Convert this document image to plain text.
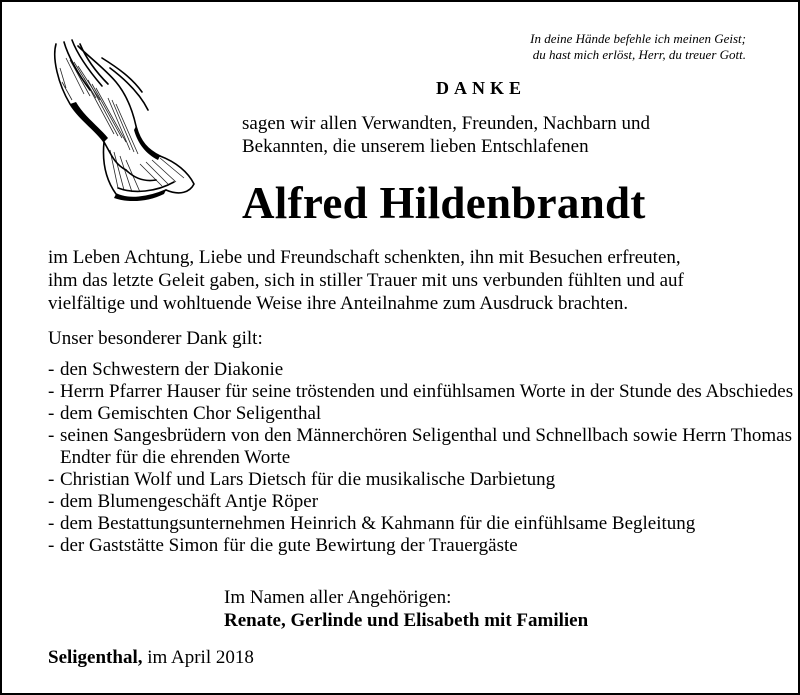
In deine Hände befehle ich meinen Geist;
du hast mich erlöst, Herr, du treuer Gott.
DANKE
sagen wir allen Verwandten, Freunden, Nachbarn und
Bekannten, die unserem lieben Entschlafenen
Alfred Hildenbrandt
im Leben Achtung, Liebe und Freundschaft schenkten, ihn mit Besuchen erfreuten,
ihm das letzte Geleit gaben, sich in stiller Trauer mit uns verbunden fühlten und auf
vielfältige und wohltuende Weise ihre Anteilnahme zum Ausdruck brachten.
Unser besonderer Dank gilt:
- den Schwestern der Diakonie
- Herrn Pfarrer Hauser für seine tröstenden und einfühlsamen Worte in der Stunde des Abschiedes
- dem Gemischten Chor Seligenthal
- seinen Sangesbrüdern von den Männerchören Seligenthal und Schnellbach sowie Herrn Thomas Endter für die ehrenden Worte
- Christian Wolf und Lars Dietsch für die musikalische Darbietung
- dem Blumengeschäft Antje Röper
- dem Bestattungsunternehmen Heinrich & Kahmann für die einfühlsame Begleitung
- der Gaststätte Simon für die gute Bewirtung der Trauergäste
Im Namen aller Angehörigen:
Renate, Gerlinde und Elisabeth mit Familien
Seligenthal, im April 2018
